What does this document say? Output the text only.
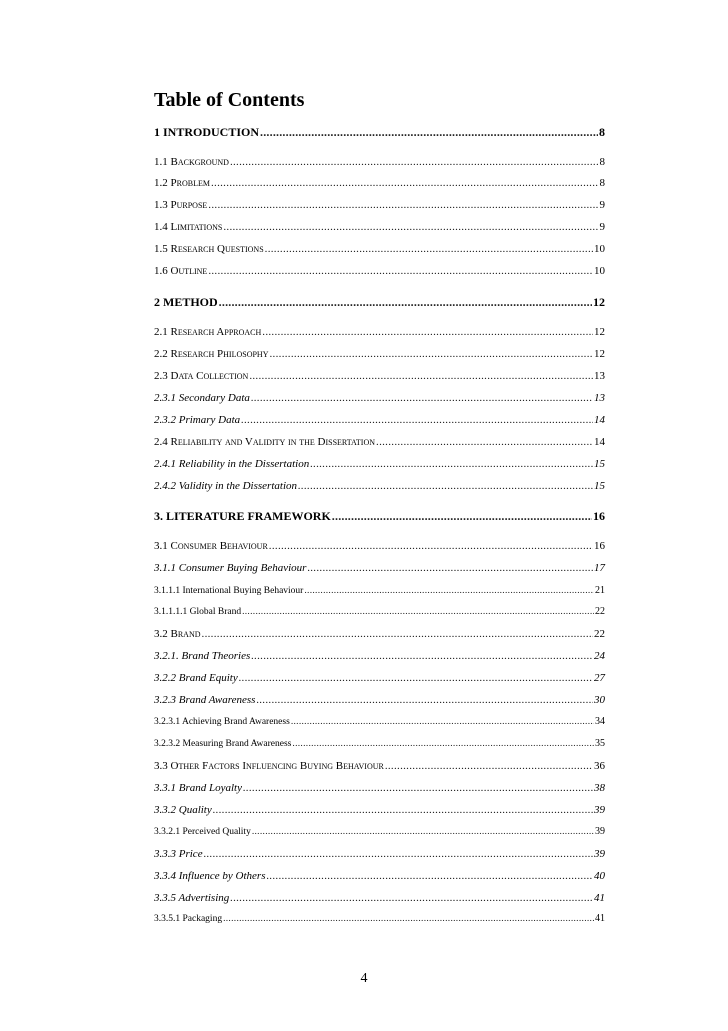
Table of Contents
1 INTRODUCTION .....	8
1.1 Background .....	8
1.2 Problem .....	8
1.3 Purpose .....	9
1.4 Limitations .....	9
1.5 Research Questions .....	10
1.6 Outline .....	10
2 METHOD .....	12
2.1 Research Approach .....	12
2.2 Research Philosophy .....	12
2.3 Data Collection .....	13
2.3.1 Secondary Data .....	13
2.3.2 Primary Data .....	14
2.4 Reliability and Validity in the Dissertation .....	14
2.4.1 Reliability in the Dissertation .....	15
2.4.2 Validity in the Dissertation .....	15
3. LITERATURE FRAMEWORK .....	16
3.1 Consumer Behaviour .....	16
3.1.1 Consumer Buying Behaviour .....	17
3.1.1.1 International Buying Behaviour .....	21
3.1.1.1.1 Global Brand .....	22
3.2 Brand .....	22
3.2.1. Brand Theories .....	24
3.2.2 Brand Equity .....	27
3.2.3 Brand Awareness .....	30
3.2.3.1 Achieving Brand Awareness .....	34
3.2.3.2 Measuring Brand Awareness .....	35
3.3 Other Factors Influencing Buying Behaviour .....	36
3.3.1 Brand Loyalty .....	38
3.3.2 Quality .....	39
3.3.2.1 Perceived Quality .....	39
3.3.3 Price .....	39
3.3.4 Influence by Others .....	40
3.3.5 Advertising .....	41
3.3.5.1 Packaging .....	41
4
